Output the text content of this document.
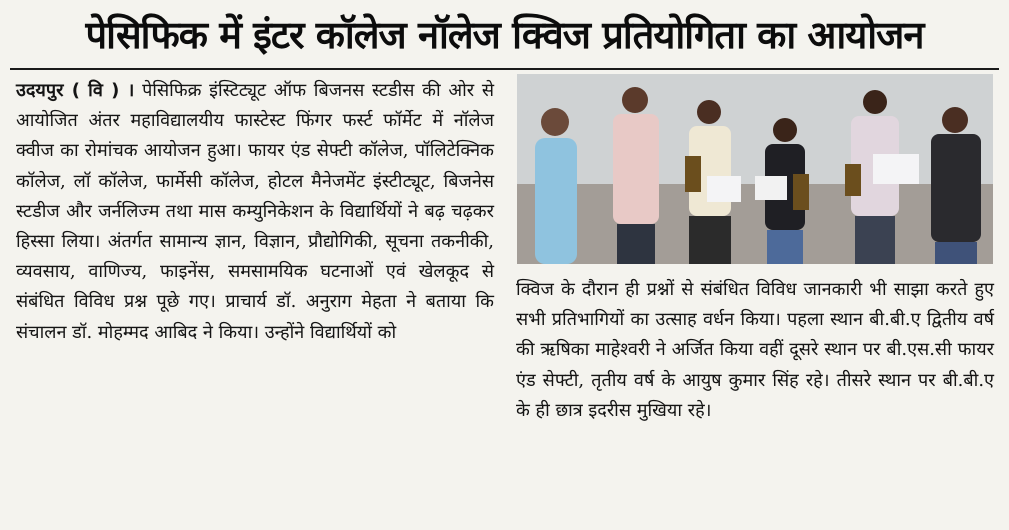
पेसिफिक में इंटर कॉलेज नॉलेज क्विज प्रतियोगिता का आयोजन

उदयपुर ( वि ) । पेसिफिक्र इंस्टिट्यूट ऑफ बिजनस स्टडीस की ओर से आयोजित अंतर महाविद्यालयीय फास्टेस्ट फिंगर फर्स्ट फॉर्मेट में नॉलेज क्वीज का रोमांचक आयोजन हुआ। फायर एंड सेफ्टी कॉलेज, पॉलिटेक्निक कॉलेज, लॉ कॉलेज, फार्मेसी कॉलेज, होटल मैनेजमेंट इंस्टीट्यूट, बिजनेस स्टडीज और जर्नलिज्म तथा मास कम्युनिकेशन के विद्यार्थियों ने बढ़ चढ़कर हिस्सा लिया। अंतर्गत सामान्य ज्ञान, विज्ञान, प्रौद्योगिकी, सूचना तकनीकी, व्यवसाय, वाणिज्य, फाइनेंस, समसामयिक घटनाओं एवं खेलकूद से संबंधित विविध प्रश्न पूछे गए। प्राचार्य डॉ. अनुराग मेहता ने बताया कि संचालन डॉ. मोहम्मद आबिद ने किया। उन्होंने विद्यार्थियों को

क्विज के दौरान ही प्रश्नों से संबंधित विविध जानकारी भी साझा करते हुए सभी प्रतिभागियों का उत्साह वर्धन किया। पहला स्थान बी.बी.ए द्वितीय वर्ष की ऋषिका माहेश्वरी ने अर्जित किया वहीं दूसरे स्थान पर बी.एस.सी फायर एंड सेफ्टी, तृतीय वर्ष के आयुष कुमार सिंह रहे। तीसरे स्थान पर बी.बी.ए के ही छात्र इदरीस मुखिया रहे।
